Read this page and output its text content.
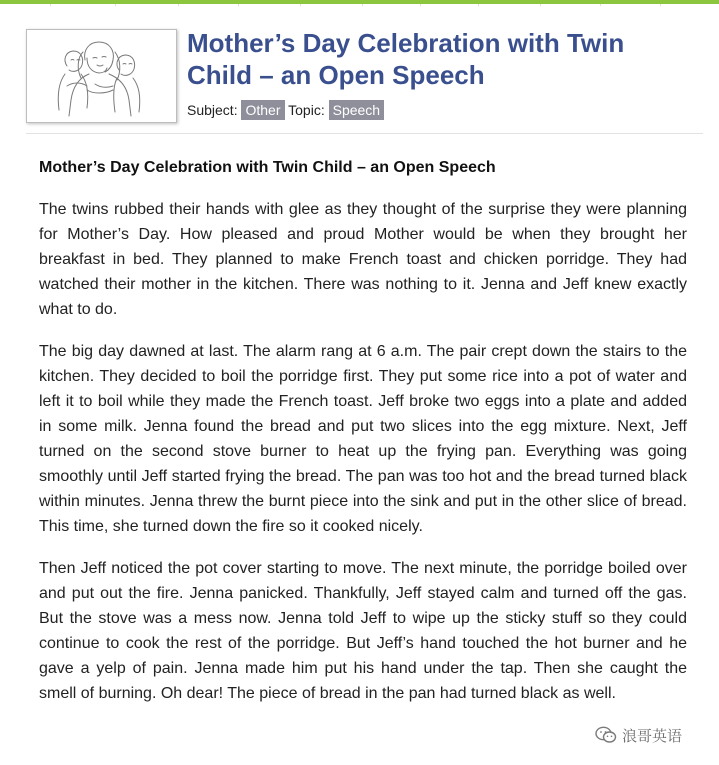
Mother’s Day Celebration with Twin Child – an Open Speech
Subject: Other Topic: Speech
Mother’s Day Celebration with Twin Child – an Open Speech

The twins rubbed their hands with glee as they thought of the surprise they were planning for Mother’s Day. How pleased and proud Mother would be when they brought her breakfast in bed. They planned to make French toast and chicken porridge. They had watched their mother in the kitchen. There was nothing to it. Jenna and Jeff knew exactly what to do.

The big day dawned at last. The alarm rang at 6 a.m. The pair crept down the stairs to the kitchen. They decided to boil the porridge first. They put some rice into a pot of water and left it to boil while they made the French toast. Jeff broke two eggs into a plate and added in some milk. Jenna found the bread and put two slices into the egg mixture. Next, Jeff turned on the second stove burner to heat up the frying pan. Everything was going smoothly until Jeff started frying the bread. The pan was too hot and the bread turned black within minutes. Jenna threw the burnt piece into the sink and put in the other slice of bread. This time, she turned down the fire so it cooked nicely.

Then Jeff noticed the pot cover starting to move. The next minute, the porridge boiled over and put out the fire. Jenna panicked. Thankfully, Jeff stayed calm and turned off the gas. But the stove was a mess now. Jenna told Jeff to wipe up the sticky stuff so they could continue to cook the rest of the porridge. But Jeff’s hand touched the hot burner and he gave a yelp of pain. Jenna made him put his hand under the tap. Then she caught the smell of burning. Oh dear! The piece of bread in the pan had turned black as well.

浪哥英语
